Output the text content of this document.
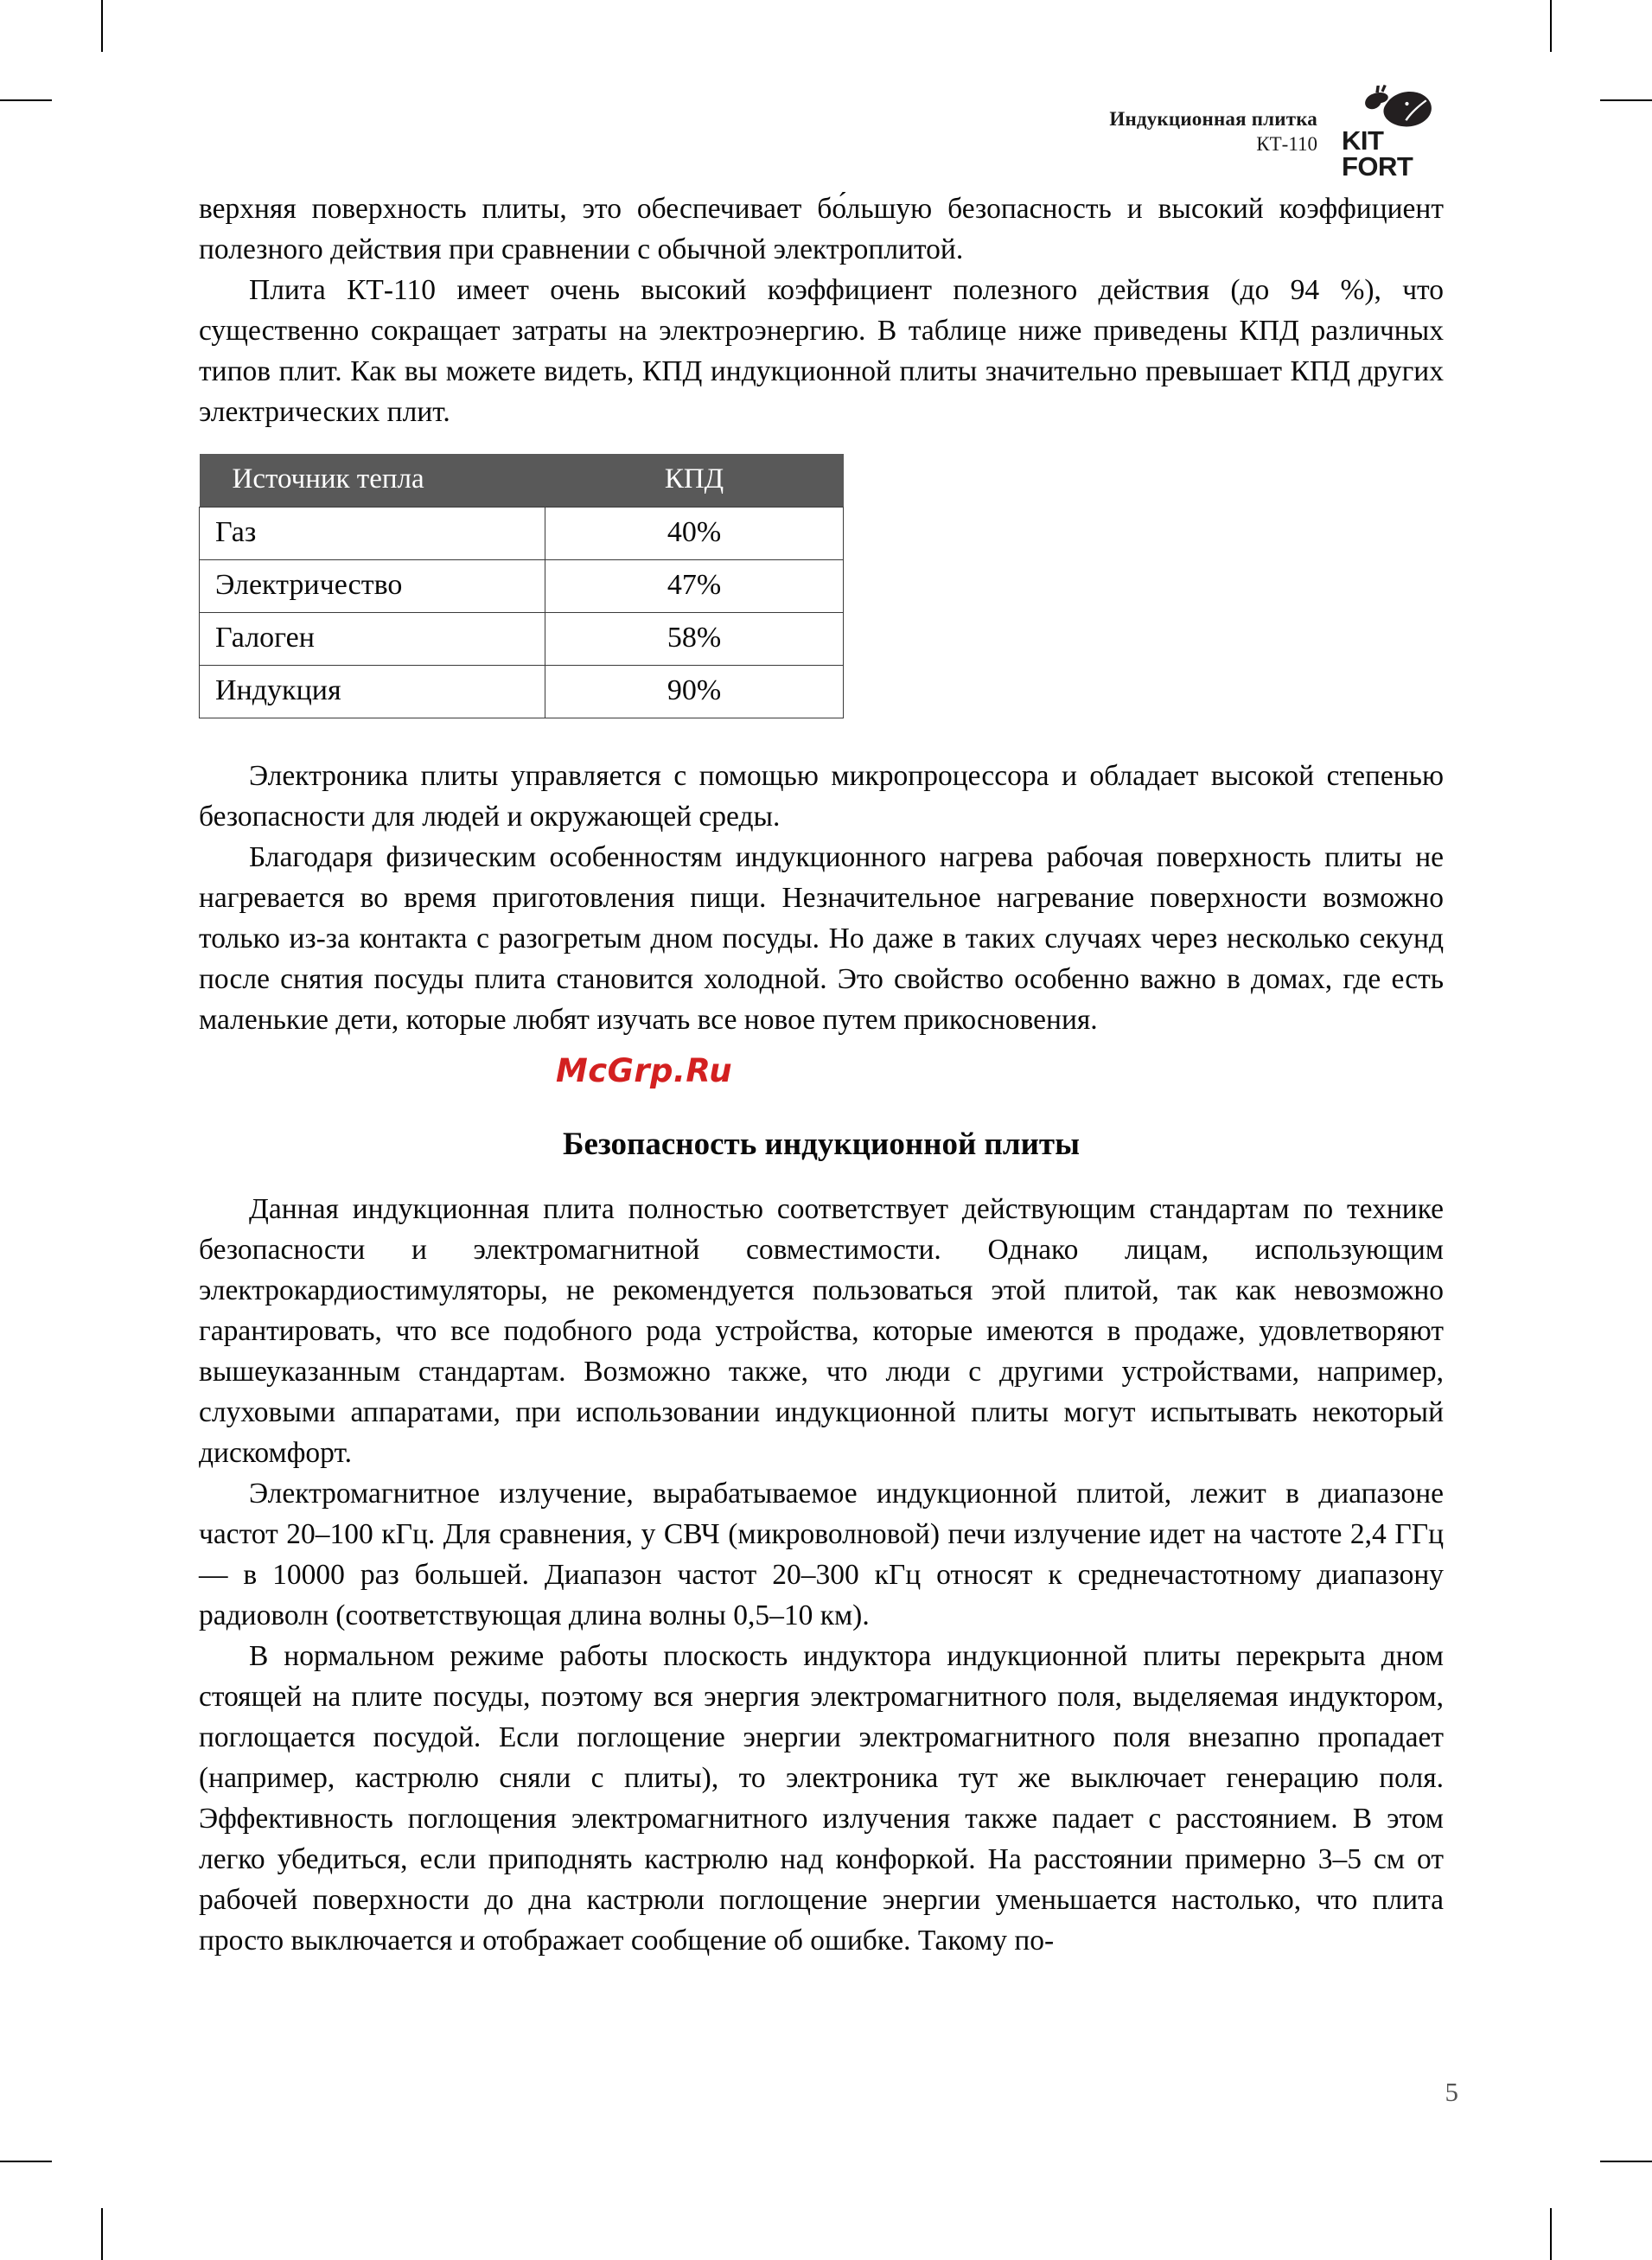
Индукционная плитка
КТ-110 KIT
FORT

верхняя поверхность плиты, это обеспечивает бо́льшую безопасность и высокий коэффициент полезного действия при сравнении с обычной электроплитой.

Плита КТ-110 имеет очень высокий коэффициент полезного действия (до 94 %), что существенно сокращает затраты на электроэнергию. В таблице ниже приведены КПД различных типов плит. Как вы можете видеть, КПД индукционной плиты значительно превышает КПД других электрических плит.

Источник тепла	КПД
Газ	40%
Электричество	47%
Галоген	58%
Индукция	90%

Электроника плиты управляется с помощью микропроцессора и обладает высокой степенью безопасности для людей и окружающей среды.

Благодаря физическим особенностям индукционного нагрева рабочая поверхность плиты не нагревается во время приготовления пищи. Незначительное нагревание поверхности возможно только из-за контакта с разогретым дном посуды. Но даже в таких случаях через несколько секунд после снятия посуды плита становится холодной. Это свойство особенно важно в домах, где есть маленькие дети, которые любят изучать все новое путем прикосновения.

McGrp.Ru
Безопасность индукционной плиты

Данная индукционная плита полностью соответствует действующим стандартам по технике безопасности и электромагнитной совместимости. Однако лицам, использующим электрокардиостимуляторы, не рекомендуется пользоваться этой плитой, так как невозможно гарантировать, что все подобного рода устройства, которые имеются в продаже, удовлетворяют вышеуказанным стандартам. Возможно также, что люди с другими устройствами, например, слуховыми аппаратами, при использовании индукционной плиты могут испытывать некоторый дискомфорт.

Электромагнитное излучение, вырабатываемое индукционной плитой, лежит в диапазоне частот 20–100 кГц. Для сравнения, у СВЧ (микроволновой) печи излучение идет на частоте 2,4 ГГц — в 10000 раз большей. Диапазон частот 20–300 кГц относят к среднечастотному диапазону радиоволн (соответствующая длина волны 0,5–10 км).

В нормальном режиме работы плоскость индуктора индукционной плиты перекрыта дном стоящей на плите посуды, поэтому вся энергия электромагнитного поля, выделяемая индуктором, поглощается посудой. Если поглощение энергии электромагнитного поля внезапно пропадает (например, кастрюлю сняли с плиты), то электроника тут же выключает генерацию поля. Эффективность поглощения электромагнитного излучения также падает с расстоянием. В этом легко убедиться, если приподнять кастрюлю над конфоркой. На расстоянии примерно 3–5 см от рабочей поверхности до дна кастрюли поглощение энергии уменьшается настолько, что плита просто выключается и отображает сообщение об ошибке. Такому по-

5
